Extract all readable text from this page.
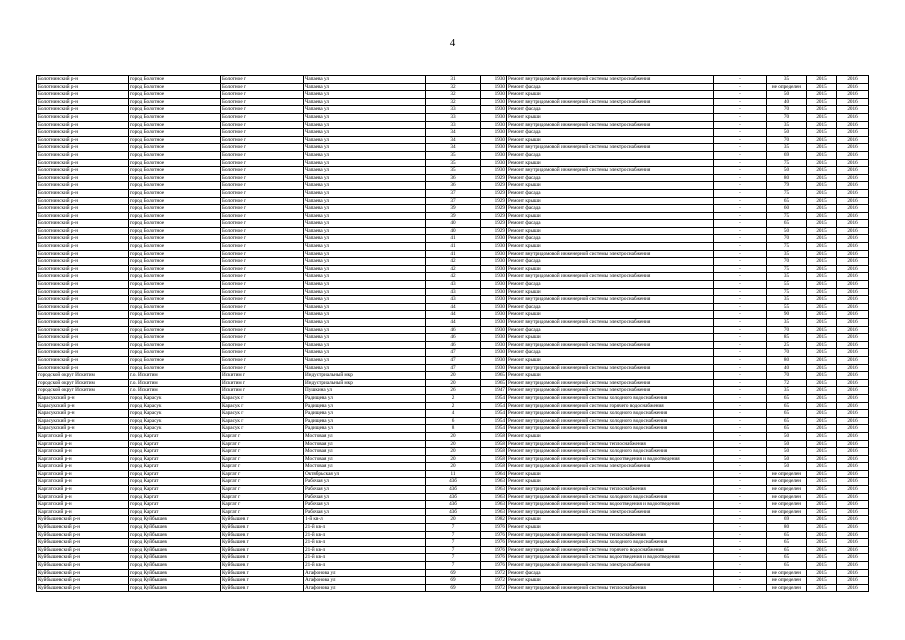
4
Болотнинский р-н	город Болотное	Болотное г	Чапаева ул	31	1930	Ремонт внутридомовой инженерной системы электроснабжения	-	35	2015	2016
Болотнинский р-н	город Болотное	Болотное г	Чапаева ул	32	1930	Ремонт фасада	-	не определен	2015	2016
Болотнинский р-н	город Болотное	Болотное г	Чапаева ул	32	1930	Ремонт крыши	-	50	2015	2016
Болотнинский р-н	город Болотное	Болотное г	Чапаева ул	32	1930	Ремонт внутридомовой инженерной системы электроснабжения	-	40	2015	2016
Болотнинский р-н	город Болотное	Болотное г	Чапаева ул	33	1930	Ремонт фасада	-	70	2015	2016
Болотнинский р-н	город Болотное	Болотное г	Чапаева ул	33	1930	Ремонт крыши	-	70	2015	2016
Болотнинский р-н	город Болотное	Болотное г	Чапаева ул	33	1930	Ремонт внутридомовой инженерной системы электроснабжения	-	35	2015	2016
Болотнинский р-н	город Болотное	Болотное г	Чапаева ул	34	1930	Ремонт фасада	-	50	2015	2016
Болотнинский р-н	город Болотное	Болотное г	Чапаева ул	34	1930	Ремонт крыши	-	70	2015	2016
Болотнинский р-н	город Болотное	Болотное г	Чапаева ул	34	1930	Ремонт внутридомовой инженерной системы электроснабжения	-	35	2015	2016
Болотнинский р-н	город Болотное	Болотное г	Чапаева ул	35	1930	Ремонт фасада	-	69	2015	2016
Болотнинский р-н	город Болотное	Болотное г	Чапаева ул	35	1930	Ремонт крыши	-	75	2015	2016
Болотнинский р-н	город Болотное	Болотное г	Чапаева ул	35	1930	Ремонт внутридомовой инженерной системы электроснабжения	-	50	2015	2016
Болотнинский р-н	город Болотное	Болотное г	Чапаева ул	36	1929	Ремонт фасада	-	80	2015	2016
Болотнинский р-н	город Болотное	Болотное г	Чапаева ул	36	1929	Ремонт крыши	-	79	2015	2016
Болотнинский р-н	город Болотное	Болотное г	Чапаева ул	37	1929	Ремонт фасада	-	75	2015	2016
Болотнинский р-н	город Болотное	Болотное г	Чапаева ул	37	1929	Ремонт крыши	-	65	2015	2016
Болотнинский р-н	город Болотное	Болотное г	Чапаева ул	39	1929	Ремонт фасада	-	60	2015	2016
Болотнинский р-н	город Болотное	Болотное г	Чапаева ул	39	1929	Ремонт крыши	-	75	2015	2016
Болотнинский р-н	город Болотное	Болотное г	Чапаева ул	40	1929	Ремонт фасада	-	65	2015	2016
Болотнинский р-н	город Болотное	Болотное г	Чапаева ул	40	1929	Ремонт крыши	-	50	2015	2016
Болотнинский р-н	город Болотное	Болотное г	Чапаева ул	41	1930	Ремонт фасада	-	70	2015	2016
Болотнинский р-н	город Болотное	Болотное г	Чапаева ул	41	1930	Ремонт крыши	-	75	2015	2016
Болотнинский р-н	город Болотное	Болотное г	Чапаева ул	41	1930	Ремонт внутридомовой инженерной системы электроснабжения	-	35	2015	2016
Болотнинский р-н	город Болотное	Болотное г	Чапаева ул	42	1930	Ремонт фасада	-	70	2015	2016
Болотнинский р-н	город Болотное	Болотное г	Чапаева ул	42	1930	Ремонт крыши	-	75	2015	2016
Болотнинский р-н	город Болотное	Болотное г	Чапаева ул	42	1930	Ремонт внутридомовой инженерной системы электроснабжения	-	35	2015	2016
Болотнинский р-н	город Болотное	Болотное г	Чапаева ул	43	1930	Ремонт фасада	-	55	2015	2016
Болотнинский р-н	город Болотное	Болотное г	Чапаева ул	43	1930	Ремонт крыши	-	75	2015	2016
Болотнинский р-н	город Болотное	Болотное г	Чапаева ул	43	1930	Ремонт внутридомовой инженерной системы электроснабжения	-	35	2015	2016
Болотнинский р-н	город Болотное	Болотное г	Чапаева ул	44	1930	Ремонт фасада	-	55	2015	2016
Болотнинский р-н	город Болотное	Болотное г	Чапаева ул	44	1930	Ремонт крыши	-	90	2015	2016
Болотнинский р-н	город Болотное	Болотное г	Чапаева ул	44	1930	Ремонт внутридомовой инженерной системы электроснабжения	-	35	2015	2016
Болотнинский р-н	город Болотное	Болотное г	Чапаева ул	46	1930	Ремонт фасада	-	70	2015	2016
Болотнинский р-н	город Болотное	Болотное г	Чапаева ул	46	1930	Ремонт крыши	-	85	2015	2016
Болотнинский р-н	город Болотное	Болотное г	Чапаева ул	46	1930	Ремонт внутридомовой инженерной системы электроснабжения	-	25	2015	2016
Болотнинский р-н	город Болотное	Болотное г	Чапаева ул	47	1930	Ремонт фасада	-	70	2015	2016
Болотнинский р-н	город Болотное	Болотное г	Чапаева ул	47	1930	Ремонт крыши	-	80	2015	2016
Болотнинский р-н	город Болотное	Болотное г	Чапаева ул	47	1930	Ремонт внутридомовой инженерной системы электроснабжения	-	40	2015	2016
городской округ Искитим	г.о. Искитим	Искитим г	Индустриальный мкр	20	1965	Ремонт крыши	-	70	2015	2016
городской округ Искитим	г.о. Искитим	Искитим г	Индустриальный мкр	20	1965	Ремонт внутридомовой инженерной системы электроснабжения	-	72	2015	2016
городской округ Искитим	г.о. Искитим	Искитим г	Пушкина ул	26	1947	Ремонт внутридомовой инженерной системы электроснабжения	-	35	2015	2016
Карасукский р-н	город Карасук	Карасук г	Радищева ул	2	1954	Ремонт внутридомовой инженерной системы холодного водоснабжения	-	65	2015	2016
Карасукский р-н	город Карасук	Карасук г	Радищева ул	2	1954	Ремонт внутридомовой инженерной системы горячего водоснабжения	-	65	2015	2016
Карасукский р-н	город Карасук	Карасук г	Радищева ул	4	1954	Ремонт внутридомовой инженерной системы холодного водоснабжения	-	65	2015	2016
Карасукский р-н	город Карасук	Карасук г	Радищева ул	6	1954	Ремонт внутридомовой инженерной системы холодного водоснабжения	-	65	2015	2016
Карасукский р-н	город Карасук	Карасук г	Радищева ул	8	1954	Ремонт внутридомовой инженерной системы холодного водоснабжения	-	65	2015	2016
Каргатский р-н	город Каргат	Каргат г	Мостовая ул	20	1958	Ремонт крыши	-	50	2015	2016
Каргатский р-н	город Каргат	Каргат г	Мостовая ул	20	1958	Ремонт внутридомовой инженерной системы теплоснабжения	-	50	2015	2016
Каргатский р-н	город Каргат	Каргат г	Мостовая ул	20	1958	Ремонт внутридомовой инженерной системы холодного водоснабжения	-	50	2015	2016
Каргатский р-н	город Каргат	Каргат г	Мостовая ул	20	1958	Ремонт внутридомовой инженерной системы водоотведения и водоотведения	-	50	2015	2016
Каргатский р-н	город Каргат	Каргат г	Мостовая ул	20	1958	Ремонт внутридомовой инженерной системы электроснабжения	-	50	2015	2016
Каргатский р-н	город Каргат	Каргат г	Октябрьская ул	11	1964	Ремонт крыши	-	не определен	2015	2016
Каргатский р-н	город Каргат	Каргат г	Рабочая ул	43б	1963	Ремонт крыши	-	не определен	2015	2016
Каргатский р-н	город Каргат	Каргат г	Рабочая ул	43б	1963	Ремонт внутридомовой инженерной системы теплоснабжения	-	не определен	2015	2016
Каргатский р-н	город Каргат	Каргат г	Рабочая ул	43б	1963	Ремонт внутридомовой инженерной системы холодного водоснабжения	-	не определен	2015	2016
Каргатский р-н	город Каргат	Каргат г	Рабочая ул	43б	1963	Ремонт внутридомовой инженерной системы водоотведения и водоотведения	-	не определен	2015	2016
Каргатский р-н	город Каргат	Каргат г	Рабочая ул	43б	1963	Ремонт внутридомовой инженерной системы электроснабжения	-	не определен	2015	2016
Куйбышевский р-н	город Куйбышев	Куйбышев г	1-й кв-л	20	1982	Ремонт крыши	-	69	2015	2016
Куйбышевский р-н	город Куйбышев	Куйбышев г	21-й кв-л	7	1976	Ремонт крыши	-	80	2015	2016
Куйбышевский р-н	город Куйбышев	Куйбышев г	21-й кв-л	7	1976	Ремонт внутридомовой инженерной системы теплоснабжения	-	65	2015	2016
Куйбышевский р-н	город Куйбышев	Куйбышев г	21-й кв-л	7	1976	Ремонт внутридомовой инженерной системы холодного водоснабжения	-	65	2015	2016
Куйбышевский р-н	город Куйбышев	Куйбышев г	21-й кв-л	7	1976	Ремонт внутридомовой инженерной системы горячего водоснабжения	-	65	2015	2016
Куйбышевский р-н	город Куйбышев	Куйбышев г	21-й кв-л	7	1976	Ремонт внутридомовой инженерной системы водоотведения и водоотведения	-	65	2015	2016
Куйбышевский р-н	город Куйбышев	Куйбышев г	21-й кв-л	7	1976	Ремонт внутридомовой инженерной системы электроснабжения	-	65	2015	2016
Куйбышевский р-н	город Куйбышев	Куйбышев г	Агафонова ул	69	1972	Ремонт фасада	-	не определен	2015	2016
Куйбышевский р-н	город Куйбышев	Куйбышев г	Агафонова ул	69	1972	Ремонт крыши	-	не определен	2015	2016
Куйбышевский р-н	город Куйбышев	Куйбышев г	Агафонова ул	69	1972	Ремонт внутридомовой инженерной системы теплоснабжения	-	не определен	2015	2016
